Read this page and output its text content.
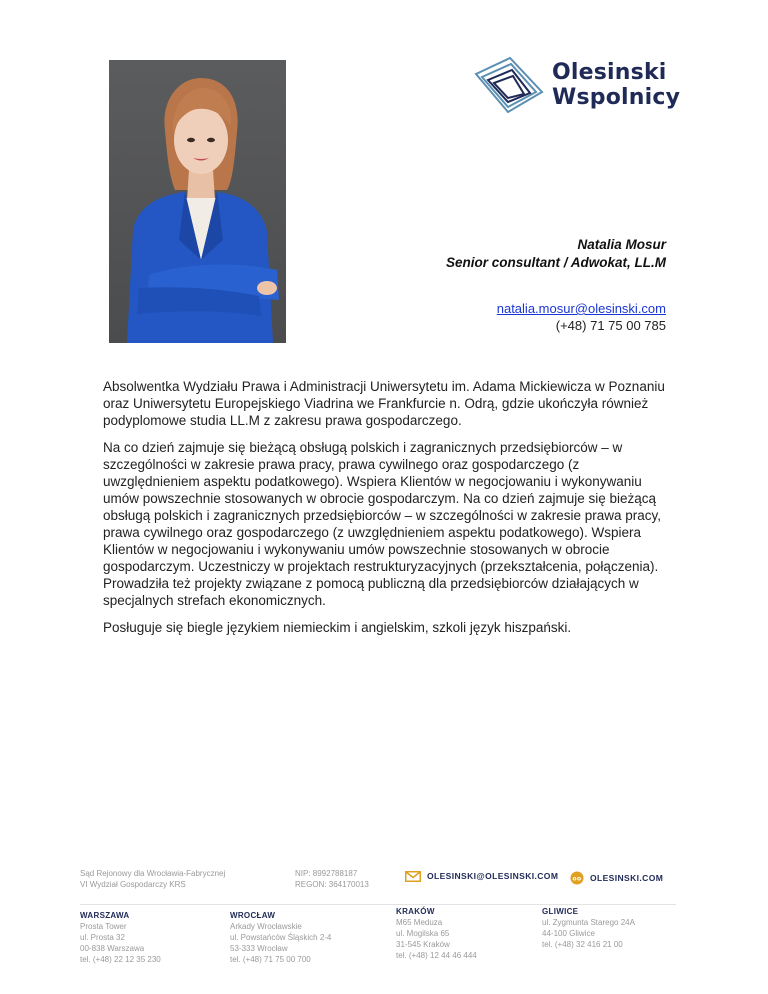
Olesinski
Wspolnicy
Natalia Mosur
Senior consultant / Adwokat, LL.M
natalia.mosur@olesinski.com
(+48) 71 75 00 785

Absolwentka Wydziału Prawa i Administracji Uniwersytetu im. Adama Mickiewicza w Poznaniu oraz Uniwersytetu Europejskiego Viadrina we Frankfurcie n. Odrą, gdzie ukończyła również podyplomowe studia LL.M z zakresu prawa gospodarczego.

Na co dzień zajmuje się bieżącą obsługą polskich i zagranicznych przedsiębiorców – w szczególności w zakresie prawa pracy, prawa cywilnego oraz gospodarczego (z uwzględnieniem aspektu podatkowego). Wspiera Klientów w negocjowaniu i wykonywaniu umów powszechnie stosowanych w obrocie gospodarczym. Na co dzień zajmuje się bieżącą obsługą polskich i zagranicznych przedsiębiorców – w szczególności w zakresie prawa pracy, prawa cywilnego oraz gospodarczego (z uwzględnieniem aspektu podatkowego). Wspiera Klientów w negocjowaniu i wykonywaniu umów powszechnie stosowanych w obrocie gospodarczym. Uczestniczy w projektach restrukturyzacyjnych (przekształcenia, połączenia). Prowadziła też projekty związane z pomocą publiczną dla przedsiębiorców działających w specjalnych strefach ekonomicznych.

Posługuje się biegle językiem niemieckim i angielskim, szkoli język hiszpański.

Sąd Rejonowy dla Wrocławia-Fabrycznej
VI Wydział Gospodarczy KRS
NIP: 8992788187
REGON: 364170013
OLESINSKI@OLESINSKI.COM oo OLESINSKI.COM
WARSZAWA
Prosta Tower
ul. Prosta 32
00-838 Warszawa
tel. (+48) 22 12 35 230
WROCŁAW
Arkady Wrocławskie
ul. Powstańców Śląskich 2-4
53-333 Wrocław
tel. (+48) 71 75 00 700
KRAKÓW
M65 Meduza
ul. Mogilska 65
31-545 Kraków
tel. (+48) 12 44 46 444
GLIWICE
ul. Zygmunta Starego 24A
44-100 Gliwice
tel. (+48) 32 416 21 00
